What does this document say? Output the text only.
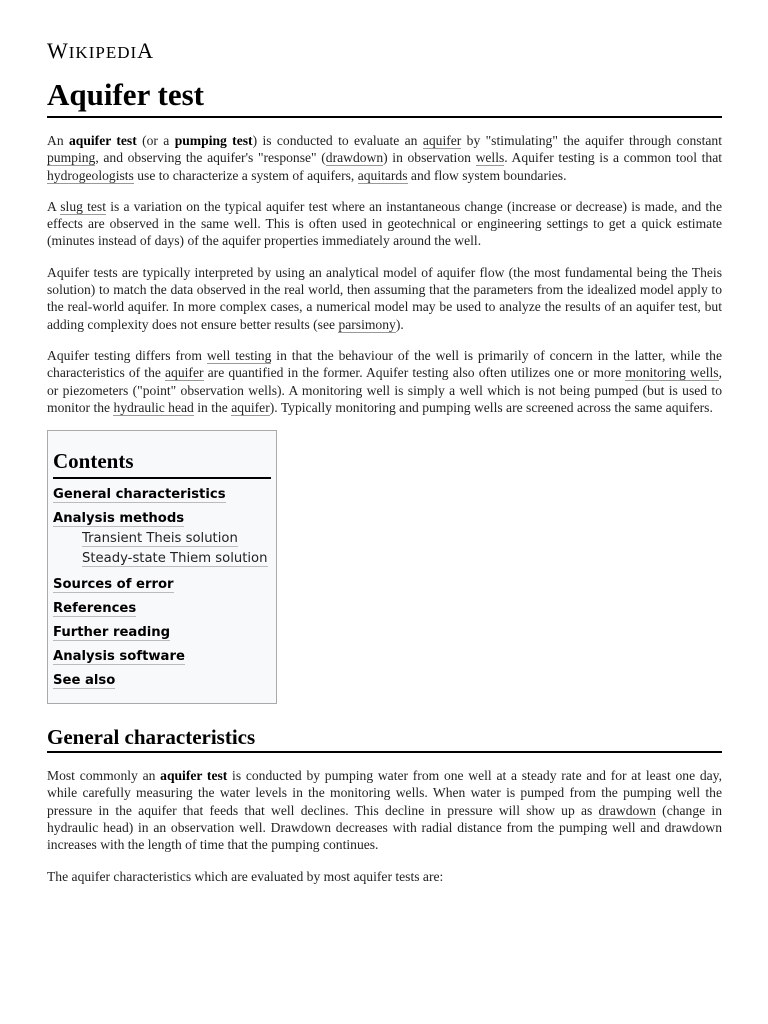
WIKIPEDIA
Aquifer test

An aquifer test (or a pumping test) is conducted to evaluate an aquifer by "stimulating" the aquifer through constant pumping, and observing the aquifer's "response" (drawdown) in observation wells. Aquifer testing is a common tool that hydrogeologists use to characterize a system of aquifers, aquitards and flow system boundaries.

A slug test is a variation on the typical aquifer test where an instantaneous change (increase or decrease) is made, and the effects are observed in the same well. This is often used in geotechnical or engineering settings to get a quick estimate (minutes instead of days) of the aquifer properties immediately around the well.

Aquifer tests are typically interpreted by using an analytical model of aquifer flow (the most fundamental being the Theis solution) to match the data observed in the real world, then assuming that the parameters from the idealized model apply to the real-world aquifer. In more complex cases, a numerical model may be used to analyze the results of an aquifer test, but adding complexity does not ensure better results (see parsimony).

Aquifer testing differs from well testing in that the behaviour of the well is primarily of concern in the latter, while the characteristics of the aquifer are quantified in the former. Aquifer testing also often utilizes one or more monitoring wells, or piezometers ("point" observation wells). A monitoring well is simply a well which is not being pumped (but is used to monitor the hydraulic head in the aquifer). Typically monitoring and pumping wells are screened across the same aquifers.

Contents
General characteristics
Analysis methods
Transient Theis solution
Steady-state Thiem solution
Sources of error
References
Further reading
Analysis software
See also
General characteristics

Most commonly an aquifer test is conducted by pumping water from one well at a steady rate and for at least one day, while carefully measuring the water levels in the monitoring wells. When water is pumped from the pumping well the pressure in the aquifer that feeds that well declines. This decline in pressure will show up as drawdown (change in hydraulic head) in an observation well. Drawdown decreases with radial distance from the pumping well and drawdown increases with the length of time that the pumping continues.

The aquifer characteristics which are evaluated by most aquifer tests are:
